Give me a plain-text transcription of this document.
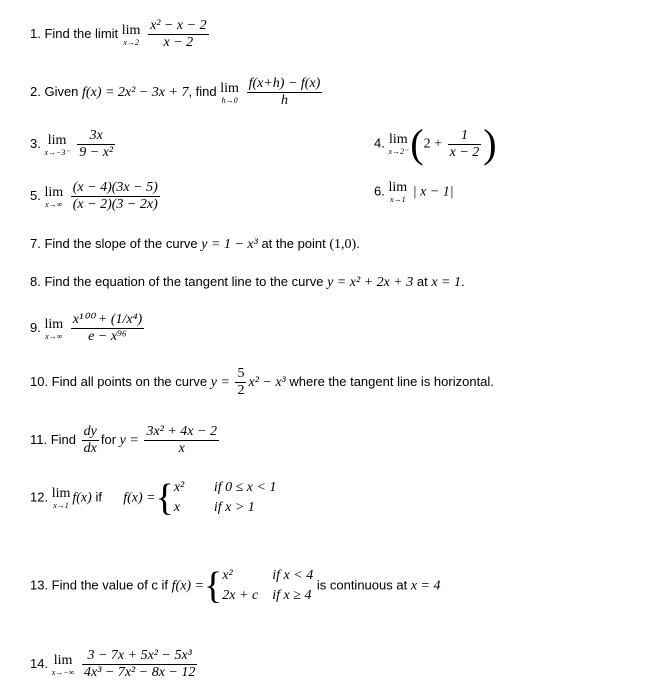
1. Find the limit lim
x→2
$\frac{\text{x² − x − 2}}{x - 2}$
2. Given f(x) = 2x² − 3x + 7, find lim
h→0
$\frac{f(x+h) - f(x)}{h}$
3. lim
x→−3⁻
$\frac{3x}{\text{9 − x²}}$	4. lim
x→2⁻ ($2 + \frac{1}{x - 2}$ )
5. lim
x→∞
$\frac{(x - 4)(3x - 5)}{(x - 2)(3 - 2x)}$	6. lim
x→1
| x − 1|
7. Find the slope of the curve y = 1 − x³ at the point (1,0).
8. Find the equation of the tangent line to the curve y = x² + 2x + 3 at x = 1.
9. lim
x→∞
$\frac{\text{x¹⁰⁰ + (1/x⁴)}}{\text{e − x⁹⁶}}$
10. Find all points on the curve $y = \frac{5}{2} x^2 - x^3$ where the tangent line is horizontal.
11. Find $\frac{dy}{dx}$ for $y = \frac{\text{3x² + 4x − 2}}{x}$
12. lim
x→1
f(x) if f(x) ={ x² if 0 ≤ x < 1
x if x > 1
13. Find the value of c if f(x) ={ x²	if x < 4
2x + c if x ≥ 4
is continuous at x = 4
14. lim
x→−∞
$\frac{\text{3 − 7x + 5x² − 5x³}}{\text{4x³ − 7x² − 8x − 12}}$
